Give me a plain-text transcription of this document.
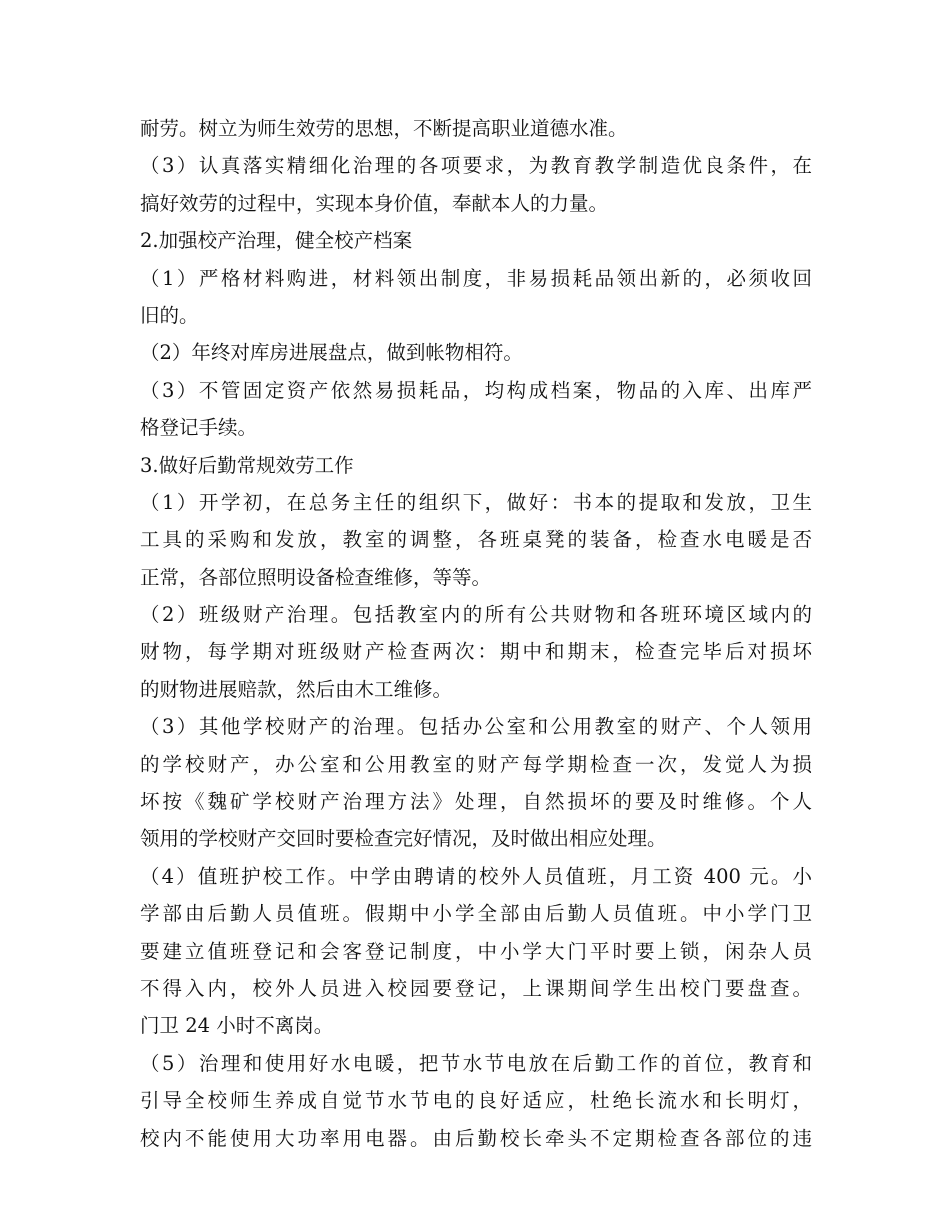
耐劳。树立为师生效劳的思想，不断提高职业道德水准。
（3）认真落实精细化治理的各项要求，为教育教学制造优良条件，在
搞好效劳的过程中，实现本身价值，奉献本人的力量。
2.加强校产治理，健全校产档案
（1）严格材料购进，材料领出制度，非易损耗品领出新的，必须收回
旧的。
（2）年终对库房进展盘点，做到帐物相符。
（3）不管固定资产依然易损耗品，均构成档案，物品的入库、出库严
格登记手续。
3.做好后勤常规效劳工作
（1）开学初，在总务主任的组织下，做好：书本的提取和发放，卫生
工具的采购和发放，教室的调整，各班桌凳的装备，检查水电暖是否
正常，各部位照明设备检查维修，等等。
（2）班级财产治理。包括教室内的所有公共财物和各班环境区域内的
财物，每学期对班级财产检查两次：期中和期末，检查完毕后对损坏
的财物进展赔款，然后由木工维修。
（3）其他学校财产的治理。包括办公室和公用教室的财产、个人领用
的学校财产，办公室和公用教室的财产每学期检查一次，发觉人为损
坏按《魏矿学校财产治理方法》处理，自然损坏的要及时维修。个人
领用的学校财产交回时要检查完好情况，及时做出相应处理。
（4）值班护校工作。中学由聘请的校外人员值班，月工资 400 元。小
学部由后勤人员值班。假期中小学全部由后勤人员值班。中小学门卫
要建立值班登记和会客登记制度，中小学大门平时要上锁，闲杂人员
不得入内，校外人员进入校园要登记，上课期间学生出校门要盘查。
门卫 24 小时不离岗。
（5）治理和使用好水电暖，把节水节电放在后勤工作的首位，教育和
引导全校师生养成自觉节水节电的良好适应，杜绝长流水和长明灯，
校内不能使用大功率用电器。由后勤校长牵头不定期检查各部位的违
